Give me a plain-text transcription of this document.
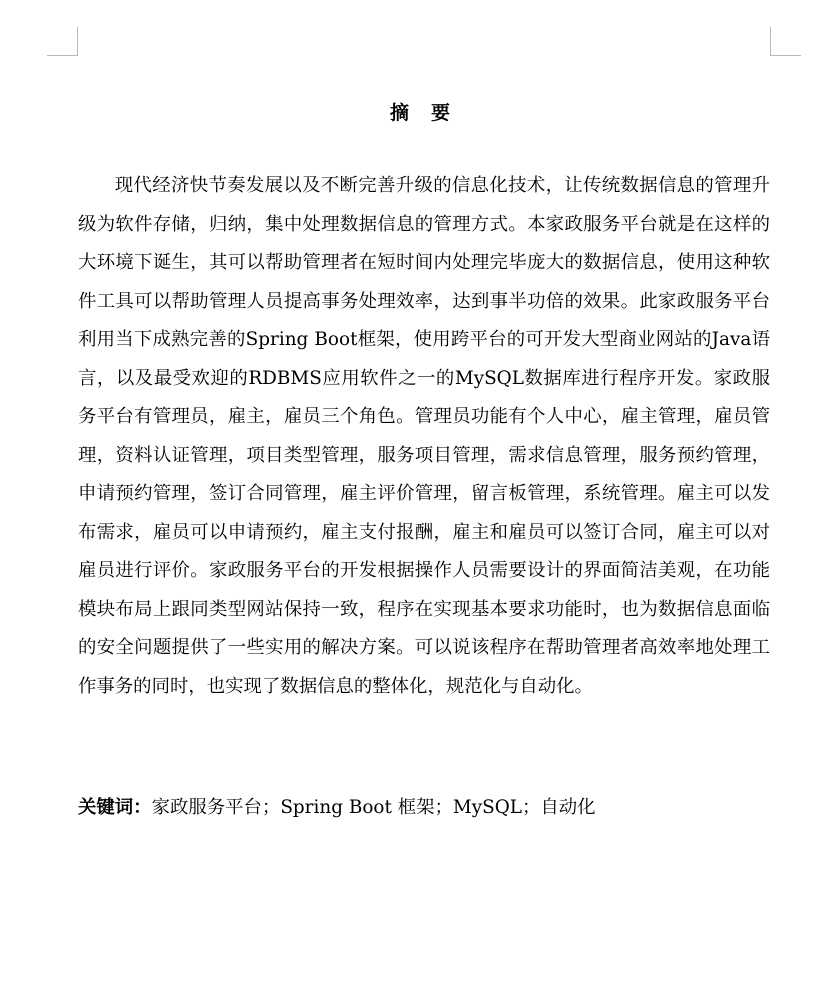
摘要

现代经济快节奏发展以及不断完善升级的信息化技术，让传统数据信息的管理升级为软件存储，归纳，集中处理数据信息的管理方式。本家政服务平台就是在这样的大环境下诞生，其可以帮助管理者在短时间内处理完毕庞大的数据信息，使用这种软件工具可以帮助管理人员提高事务处理效率，达到事半功倍的效果。此家政服务平台利用当下成熟完善的Spring Boot框架，使用跨平台的可开发大型商业网站的Java语言，以及最受欢迎的RDBMS应用软件之一的MySQL数据库进行程序开发。家政服务平台有管理员，雇主，雇员三个角色。管理员功能有个人中心，雇主管理，雇员管理，资料认证管理，项目类型管理，服务项目管理，需求信息管理，服务预约管理，申请预约管理，签订合同管理，雇主评价管理，留言板管理，系统管理。雇主可以发布需求，雇员可以申请预约，雇主支付报酬，雇主和雇员可以签订合同，雇主可以对雇员进行评价。家政服务平台的开发根据操作人员需要设计的界面简洁美观，在功能模块布局上跟同类型网站保持一致，程序在实现基本要求功能时，也为数据信息面临的安全问题提供了一些实用的解决方案。可以说该程序在帮助管理者高效率地处理工作事务的同时，也实现了数据信息的整体化，规范化与自动化。

关键词：家政服务平台；Spring Boot 框架；MySQL；自动化
